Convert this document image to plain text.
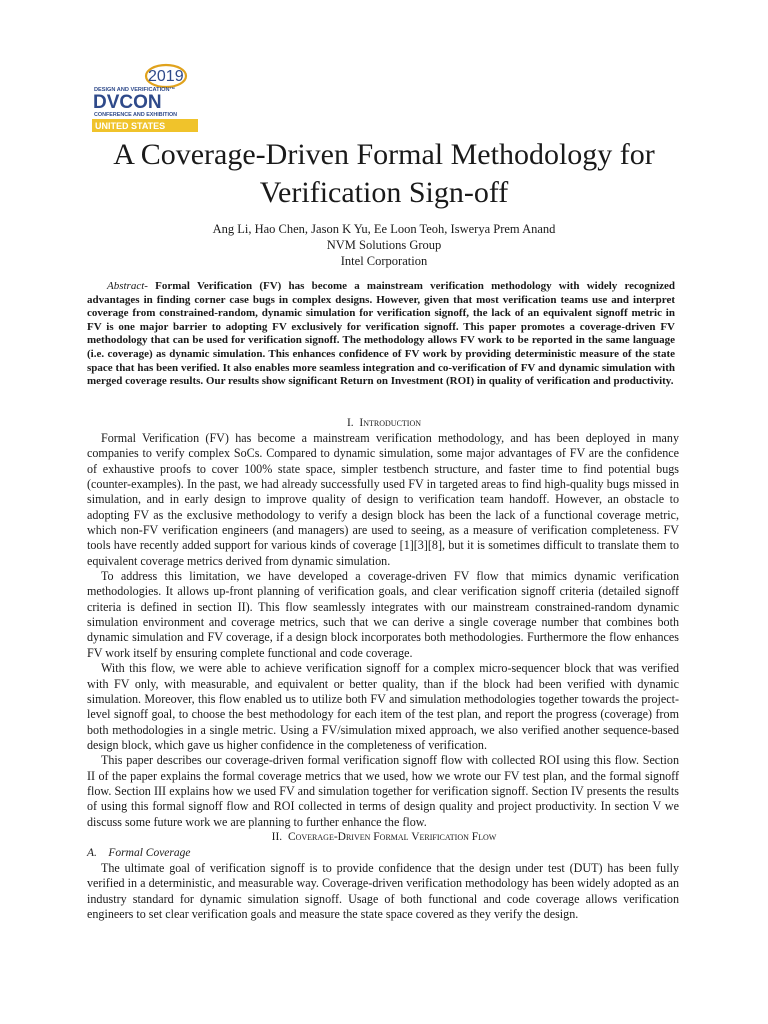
2019
DESIGN AND VERIFICATION™
DVCON
CONFERENCE AND EXHIBITION
UNITED STATES
A Coverage-Driven Formal Methodology for
Verification Sign-off
Ang Li, Hao Chen, Jason K Yu, Ee Loon Teoh, Iswerya Prem Anand
NVM Solutions Group
Intel Corporation
Abstract- Formal Verification (FV) has become a mainstream verification methodology with widely recognized advantages in finding corner case bugs in complex designs. However, given that most verification teams use and interpret coverage from constrained-random, dynamic simulation for verification signoff, the lack of an equivalent signoff metric in FV is one major barrier to adopting FV exclusively for verification signoff. This paper promotes a coverage-driven FV methodology that can be used for verification signoff. The methodology allows FV work to be reported in the same language (i.e. coverage) as dynamic simulation. This enhances confidence of FV work by providing deterministic measure of the state space that has been verified. It also enables more seamless integration and co-verification of FV and dynamic simulation with merged coverage results. Our results show significant Return on Investment (ROI) in quality of verification and productivity.
I. Introduction

Formal Verification (FV) has become a mainstream verification methodology, and has been deployed in many companies to verify complex SoCs. Compared to dynamic simulation, some major advantages of FV are the confidence of exhaustive proofs to cover 100% state space, simpler testbench structure, and faster time to find potential bugs (counter-examples). In the past, we had already successfully used FV in targeted areas to find high-quality bugs missed in simulation, and in early design to improve quality of design to verification team handoff. However, an obstacle to adopting FV as the exclusive methodology to verify a design block has been the lack of a functional coverage metric, which non-FV verification engineers (and managers) are used to seeing, as a measure of verification completeness. FV tools have recently added support for various kinds of coverage [1][3][8], but it is sometimes difficult to translate them to equivalent coverage metrics derived from dynamic simulation.

To address this limitation, we have developed a coverage-driven FV flow that mimics dynamic verification methodologies. It allows up-front planning of verification goals, and clear verification signoff criteria (detailed signoff criteria is defined in section II). This flow seamlessly integrates with our mainstream constrained-random dynamic simulation environment and coverage metrics, such that we can derive a single coverage number that combines both dynamic simulation and FV coverage, if a design block incorporates both methodologies. Furthermore the flow enhances FV work itself by ensuring complete functional and code coverage.

With this flow, we were able to achieve verification signoff for a complex micro-sequencer block that was verified with FV only, with measurable, and equivalent or better quality, than if the block had been verified with dynamic simulation. Moreover, this flow enabled us to utilize both FV and simulation methodologies together towards the project-level signoff goal, to choose the best methodology for each item of the test plan, and report the progress (coverage) from both methodologies in a single metric. Using a FV/simulation mixed approach, we also verified another sequence-based design block, which gave us higher confidence in the completeness of verification.

This paper describes our coverage-driven formal verification signoff flow with collected ROI using this flow. Section II of the paper explains the formal coverage metrics that we used, how we wrote our FV test plan, and the formal signoff flow. Section III explains how we used FV and simulation together for verification signoff. Section IV presents the results of using this formal signoff flow and ROI collected in terms of design quality and project productivity. In section V we discuss some future work we are planning to further enhance the flow.

II. Coverage-Driven Formal Verification Flow
A. Formal Coverage

The ultimate goal of verification signoff is to provide confidence that the design under test (DUT) has been fully verified in a deterministic, and measurable way. Coverage-driven verification methodology has been widely adopted as an industry standard for dynamic simulation signoff. Usage of both functional and code coverage allows verification engineers to set clear verification goals and measure the state space covered as they verify the design.
